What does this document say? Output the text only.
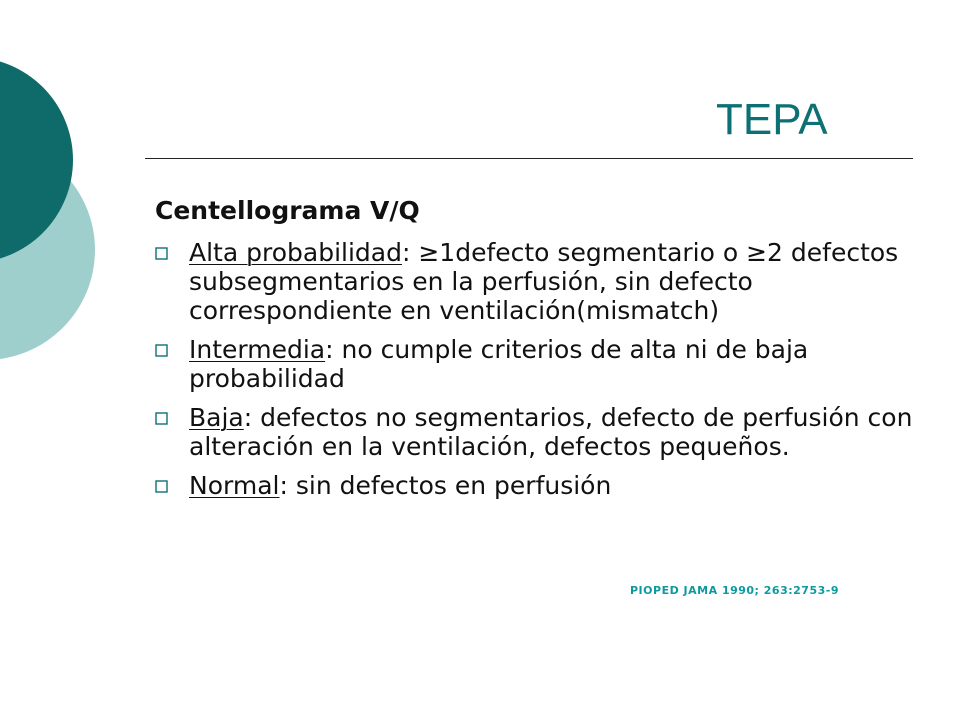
TEPA
Centellograma V/Q
Alta probabilidad: ≥1defecto segmentario o ≥2 defectos subsegmentarios en la perfusión, sin defecto correspondiente en ventilación(mismatch)
Intermedia: no cumple criterios de alta ni de baja probabilidad
Baja: defectos no segmentarios, defecto de perfusión con alteración en la ventilación, defectos pequeños.
Normal: sin defectos en perfusión
PIOPED JAMA 1990; 263:2753-9
